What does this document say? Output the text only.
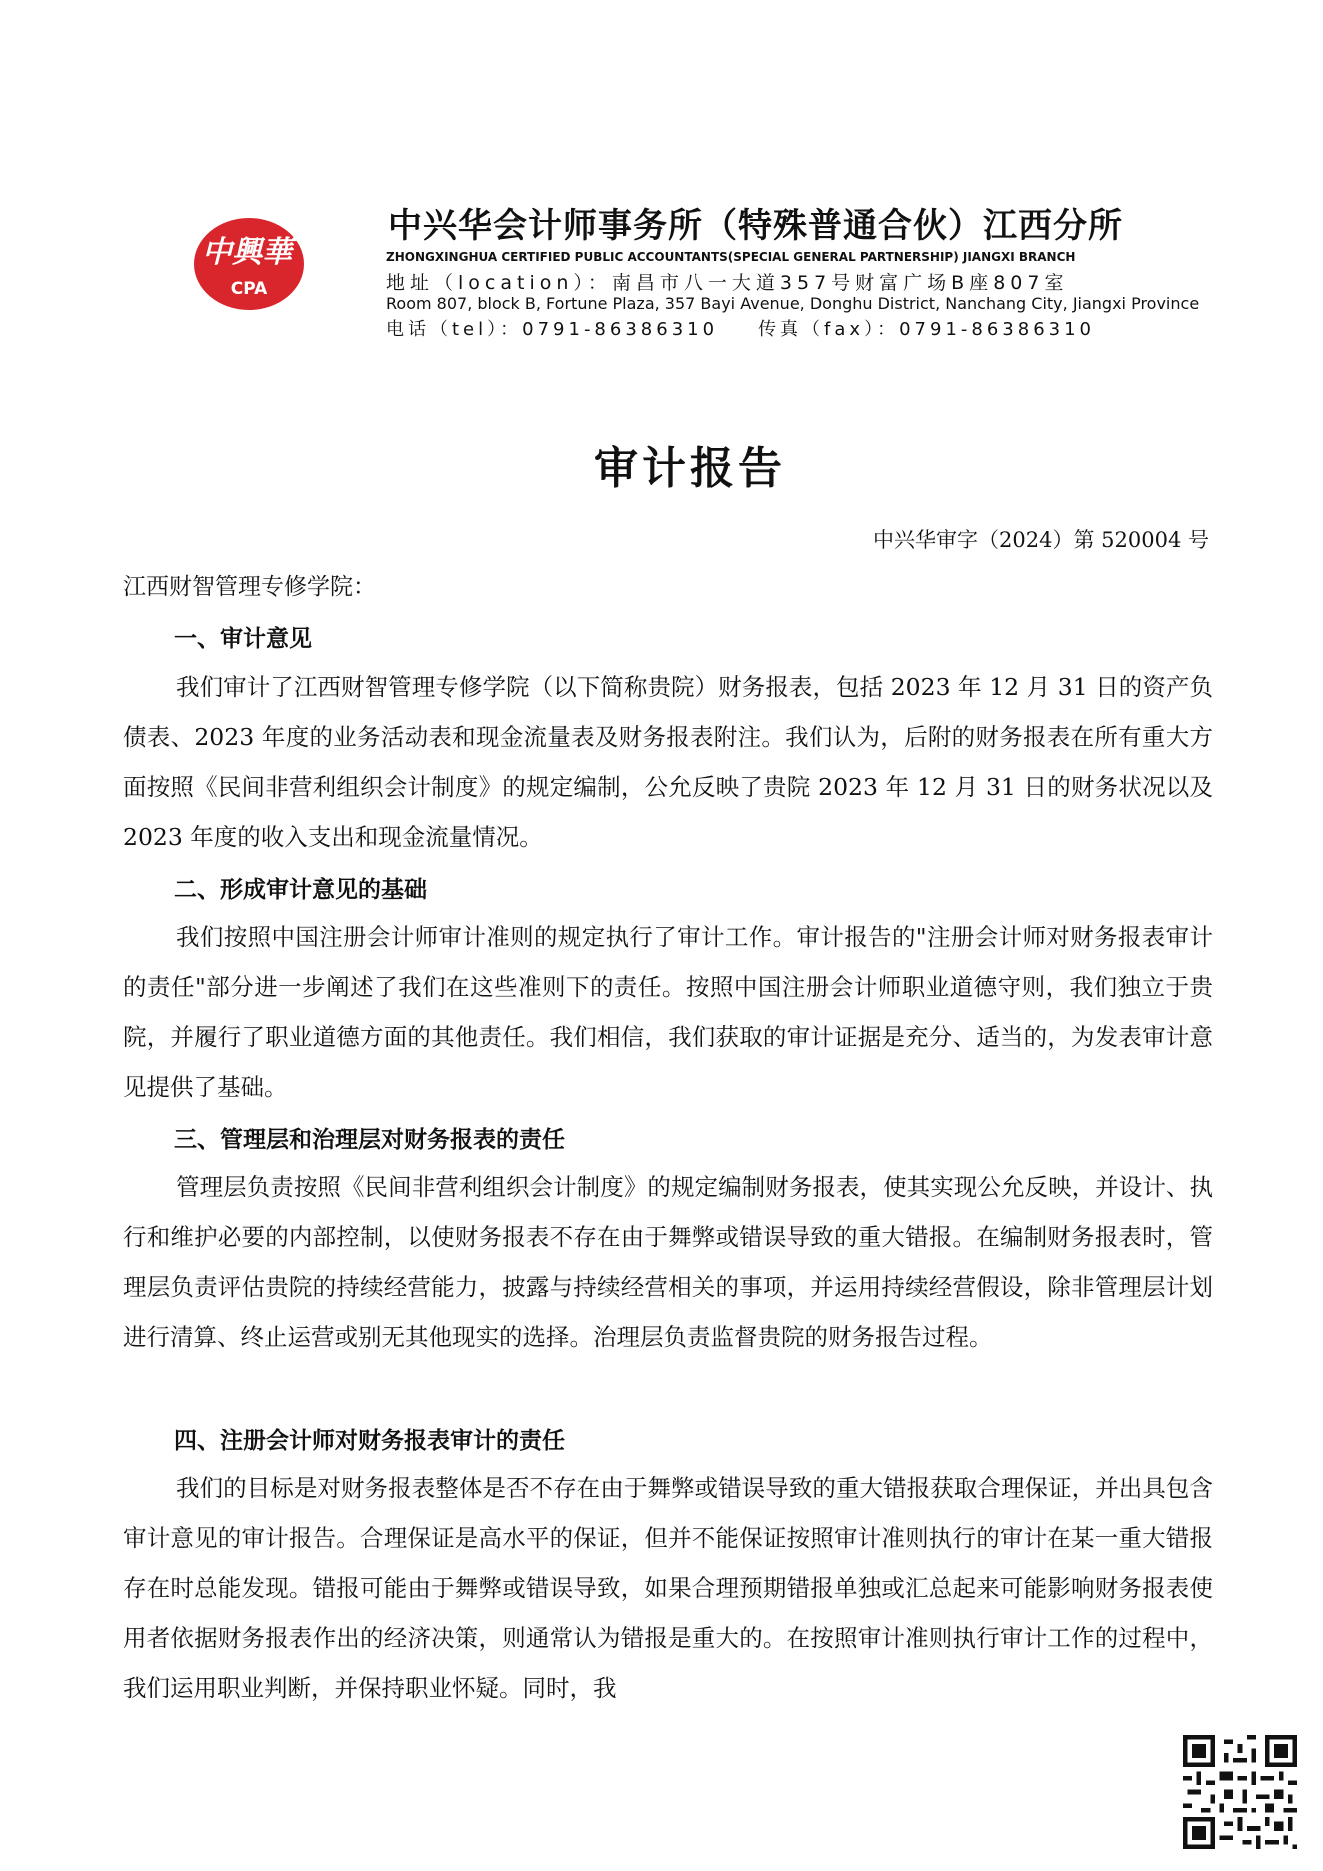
中興華
CPA
中兴华会计师事务所（特殊普通合伙）江西分所
ZHONGXINGHUA CERTIFIED PUBLIC ACCOUNTANTS(SPECIAL GENERAL PARTNERSHIP) JIANGXI BRANCH
地址（location）：南昌市八一大道357号财富广场B座807室
Room 807, block B, Fortune Plaza, 357 Bayi Avenue, Donghu District, Nanchang City, Jiangxi Province
电话（tel）：0791-86386310 传真（fax）：0791-86386310
审计报告
中兴华审字（2024）第 520004 号
江西财智管理专修学院：
一、审计意见

我们审计了江西财智管理专修学院（以下简称贵院）财务报表，包括 2023 年 12 月 31 日的资产负债表、2023 年度的业务活动表和现金流量表及财务报表附注。我们认为，后附的财务报表在所有重大方面按照《民间非营利组织会计制度》的规定编制，公允反映了贵院 2023 年 12 月 31 日的财务状况以及 2023 年度的收入支出和现金流量情况。

二、形成审计意见的基础

我们按照中国注册会计师审计准则的规定执行了审计工作。审计报告的"注册会计师对财务报表审计的责任"部分进一步阐述了我们在这些准则下的责任。按照中国注册会计师职业道德守则，我们独立于贵院，并履行了职业道德方面的其他责任。我们相信，我们获取的审计证据是充分、适当的，为发表审计意见提供了基础。

三、管理层和治理层对财务报表的责任

管理层负责按照《民间非营利组织会计制度》的规定编制财务报表，使其实现公允反映，并设计、执行和维护必要的内部控制，以使财务报表不存在由于舞弊或错误导致的重大错报。在编制财务报表时，管理层负责评估贵院的持续经营能力，披露与持续经营相关的事项，并运用持续经营假设，除非管理层计划进行清算、终止运营或别无其他现实的选择。治理层负责监督贵院的财务报告过程。

四、注册会计师对财务报表审计的责任

我们的目标是对财务报表整体是否不存在由于舞弊或错误导致的重大错报获取合理保证，并出具包含审计意见的审计报告。合理保证是高水平的保证，但并不能保证按照审计准则执行的审计在某一重大错报存在时总能发现。错报可能由于舞弊或错误导致，如果合理预期错报单独或汇总起来可能影响财务报表使用者依据财务报表作出的经济决策，则通常认为错报是重大的。在按照审计准则执行审计工作的过程中，我们运用职业判断，并保持职业怀疑。同时，我
